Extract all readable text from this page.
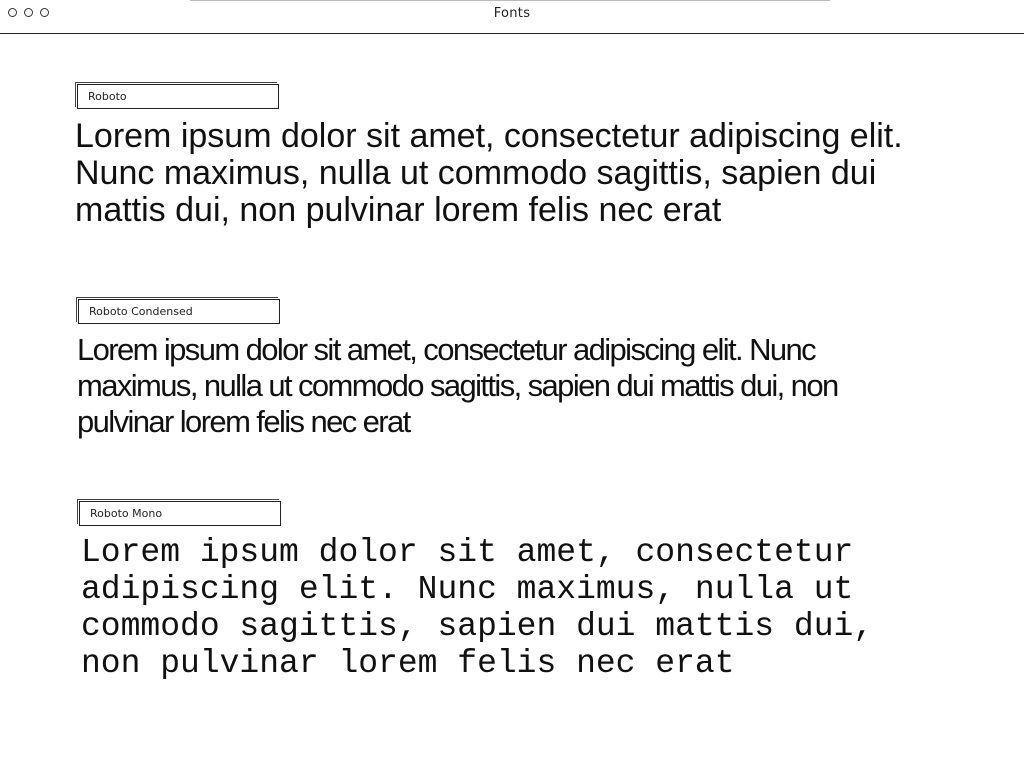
Fonts
Roboto

Lorem ipsum dolor sit amet, consectetur adipiscing elit. Nunc maximus, nulla ut commodo sagittis, sapien dui mattis dui, non pulvinar lorem felis nec erat

Roboto Condensed

Lorem ipsum dolor sit amet, consectetur adipiscing elit. Nunc maximus, nulla ut commodo sagittis, sapien dui mattis dui, non pulvinar lorem felis nec erat

Roboto Mono

Lorem ipsum dolor sit amet, consectetur adipiscing elit. Nunc maximus, nulla ut commodo sagittis, sapien dui mattis dui, non pulvinar lorem felis nec erat
